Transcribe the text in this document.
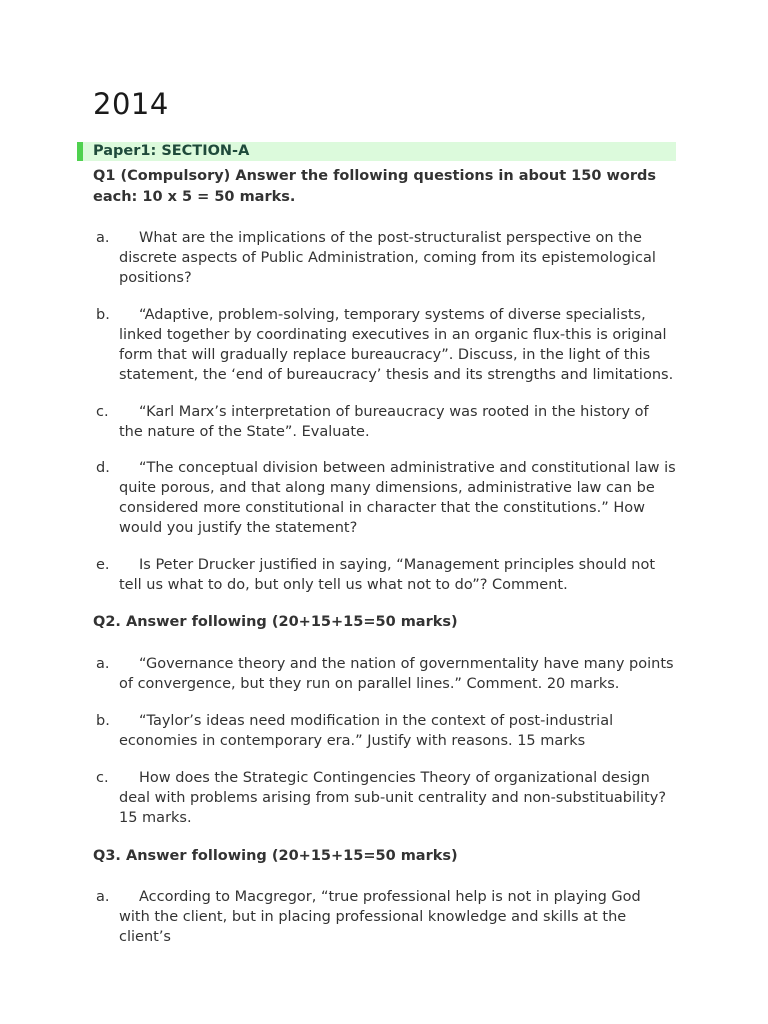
2014
Paper1: SECTION-A
Q1 (Compulsory) Answer the following questions in about 150 words each: 10 x 5 = 50 marks.
a.	What are the implications of the post-structuralist perspective on the discrete aspects of Public Administration, coming from its epistemological positions?
b.	“Adaptive, problem-solving, temporary systems of diverse specialists, linked together by coordinating executives in an organic flux-this is original form that will gradually replace bureaucracy”. Discuss, in the light of this statement, the ‘end of bureaucracy’ thesis and its strengths and limitations.
c.	“Karl Marx’s interpretation of bureaucracy was rooted in the history of the nature of the State”. Evaluate.
d.	“The conceptual division between administrative and constitutional law is quite porous, and that along many dimensions, administrative law can be considered more constitutional in character that the constitutions.” How would you justify the statement?
e.	Is Peter Drucker justified in saying, “Management principles should not tell us what to do, but only tell us what not to do”? Comment.
Q2. Answer following (20+15+15=50 marks)
a.	“Governance theory and the nation of governmentality have many points of convergence, but they run on parallel lines.” Comment. 20 marks.
b.	“Taylor’s ideas need modification in the context of post-industrial economies in contemporary era.” Justify with reasons. 15 marks
c.	How does the Strategic Contingencies Theory of organizational design deal with problems arising from sub-unit centrality and non-substituability? 15 marks.
Q3. Answer following (20+15+15=50 marks)
a.	According to Macgregor, “true professional help is not in playing God with the client, but in placing professional knowledge and skills at the client’s
